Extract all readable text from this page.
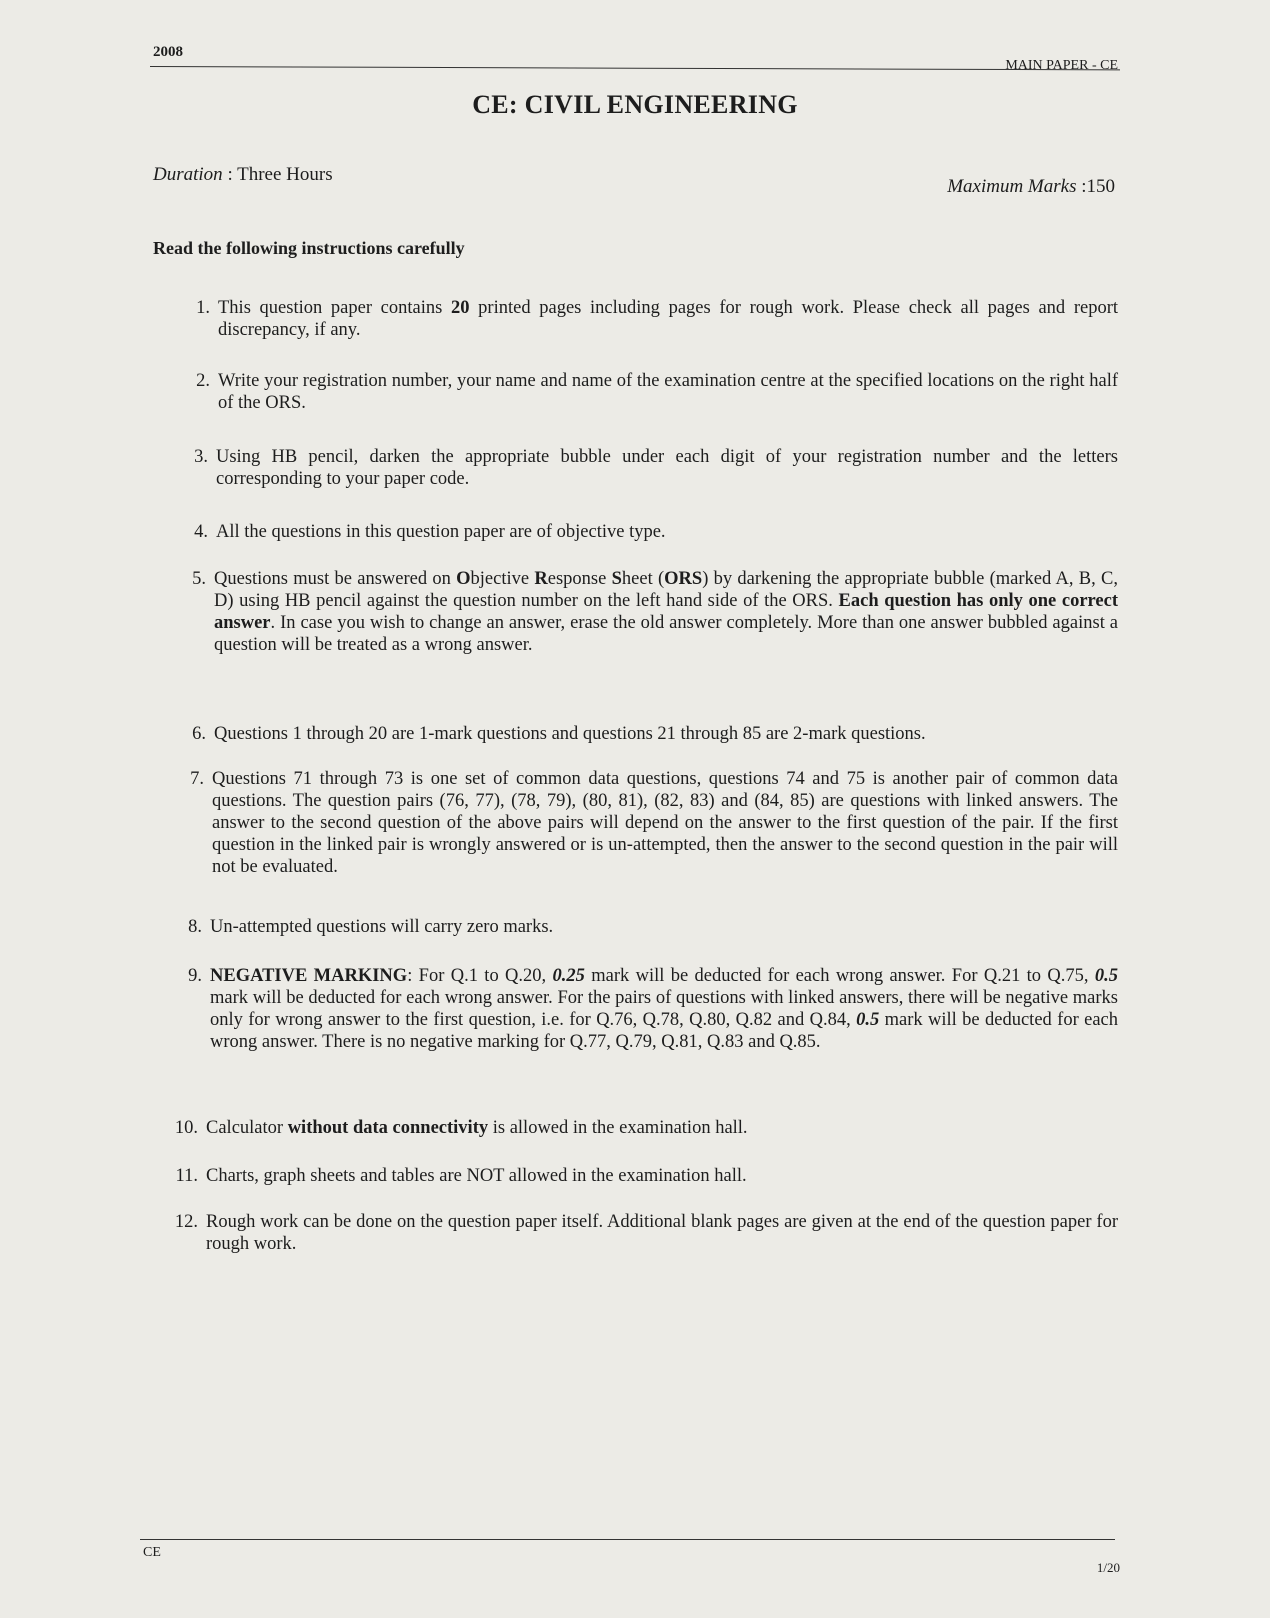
2008
MAIN PAPER - CE
CE: CIVIL ENGINEERING
Duration : Three Hours
Maximum Marks :150
Read the following instructions carefully
1. This question paper contains 20 printed pages including pages for rough work. Please check all pages and report discrepancy, if any.
2. Write your registration number, your name and name of the examination centre at the specified locations on the right half of the ORS.
3. Using HB pencil, darken the appropriate bubble under each digit of your registration number and the letters corresponding to your paper code.
4. All the questions in this question paper are of objective type.
5. Questions must be answered on Objective Response Sheet (ORS) by darkening the appropriate bubble (marked A, B, C, D) using HB pencil against the question number on the left hand side of the ORS. Each question has only one correct answer. In case you wish to change an answer, erase the old answer completely. More than one answer bubbled against a question will be treated as a wrong answer.
6. Questions 1 through 20 are 1-mark questions and questions 21 through 85 are 2-mark questions.
7. Questions 71 through 73 is one set of common data questions, questions 74 and 75 is another pair of common data questions. The question pairs (76, 77), (78, 79), (80, 81), (82, 83) and (84, 85) are questions with linked answers. The answer to the second question of the above pairs will depend on the answer to the first question of the pair. If the first question in the linked pair is wrongly answered or is un-attempted, then the answer to the second question in the pair will not be evaluated.
8. Un-attempted questions will carry zero marks.
9. NEGATIVE MARKING: For Q.1 to Q.20, 0.25 mark will be deducted for each wrong answer. For Q.21 to Q.75, 0.5 mark will be deducted for each wrong answer. For the pairs of questions with linked answers, there will be negative marks only for wrong answer to the first question, i.e. for Q.76, Q.78, Q.80, Q.82 and Q.84, 0.5 mark will be deducted for each wrong answer. There is no negative marking for Q.77, Q.79, Q.81, Q.83 and Q.85.
10. Calculator without data connectivity is allowed in the examination hall.
11. Charts, graph sheets and tables are NOT allowed in the examination hall.
12. Rough work can be done on the question paper itself. Additional blank pages are given at the end of the question paper for rough work.
CE
1/20
